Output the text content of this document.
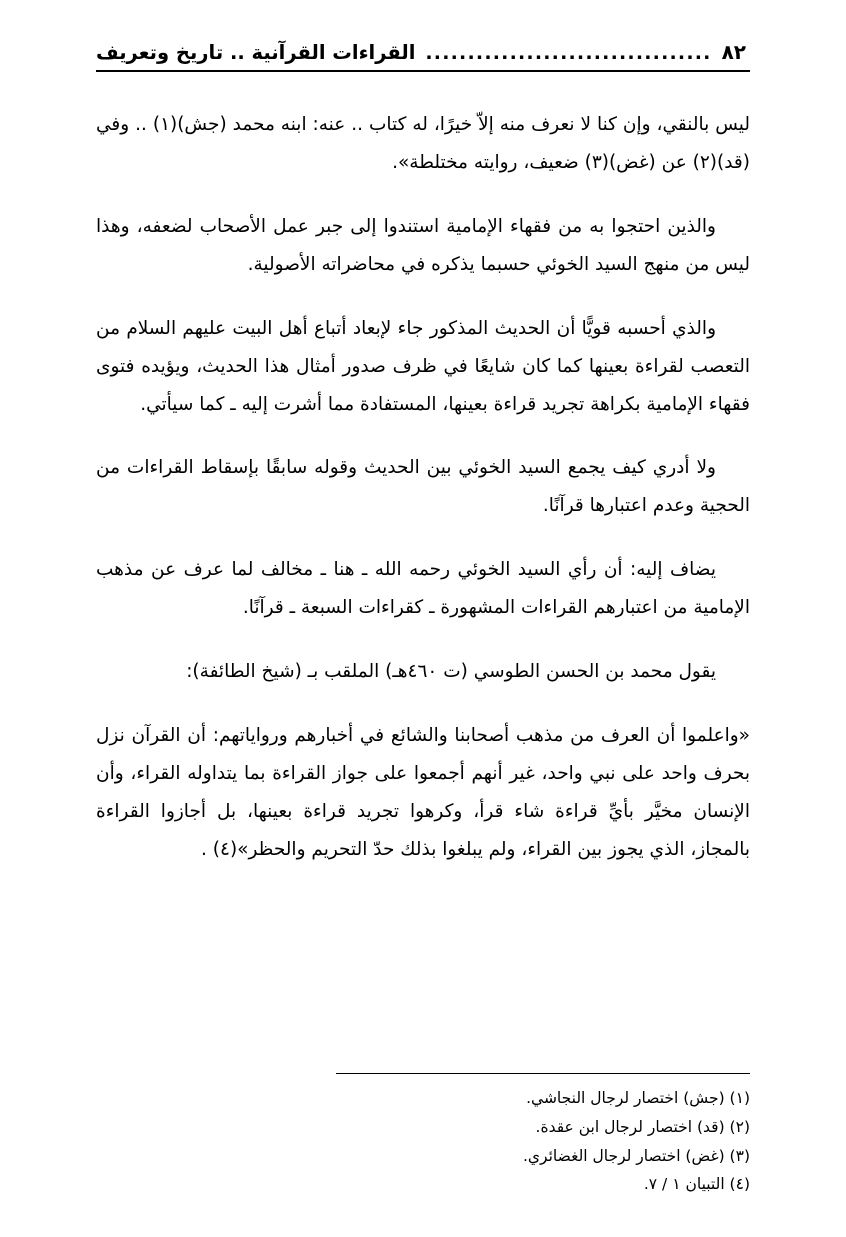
٨٢
..................................
القراءات القرآنية .. تاريخ وتعريف

ليس بالنقي، وإن كنا لا نعرف منه إلاّ خيرًا، له كتاب .. عنه: ابنه محمد (جش)(١) .. وفي (قد)(٢) عن (غض)(٣) ضعيف، روايته مختلطة».

والذين احتجوا به من فقهاء الإمامية استندوا إلى جبر عمل الأصحاب لضعفه، وهذا ليس من منهج السيد الخوئي حسبما يذكره في محاضراته الأصولية.

والذي أحسبه قويًّا أن الحديث المذكور جاء لإبعاد أتباع أهل البيت عليهم السلام من التعصب لقراءة بعينها كما كان شايعًا في ظرف صدور أمثال هذا الحديث، ويؤيده فتوى فقهاء الإمامية بكراهة تجريد قراءة بعينها، المستفادة مما أشرت إليه ـ كما سيأتي.

ولا أدري كيف يجمع السيد الخوئي بين الحديث وقوله سابقًا بإسقاط القراءات من الحجية وعدم اعتبارها قرآنًا.

يضاف إليه: أن رأي السيد الخوئي رحمه الله ـ هنا ـ مخالف لما عرف عن مذهب الإمامية من اعتبارهم القراءات المشهورة ـ كقراءات السبعة ـ قرآنًا.

يقول محمد بن الحسن الطوسي (ت ٤٦٠هـ) الملقب بـ (شيخ الطائفة):

«واعلموا أن العرف من مذهب أصحابنا والشائع في أخبارهم ورواياتهم: أن القرآن نزل بحرف واحد على نبي واحد، غير أنهم أجمعوا على جواز القراءة بما يتداوله القراء، وأن الإنسان مخيَّر بأيِّ قراءة شاء قرأ، وكرهوا تجريد قراءة بعينها، بل أجازوا القراءة بالمجاز، الذي يجوز بين القراء، ولم يبلغوا بذلك حدّ التحريم والحظر»(٤) .

(١) (جش) اختصار لرجال النجاشي.
(٢) (قد) اختصار لرجال ابن عقدة.
(٣) (غض) اختصار لرجال الغضائري.
(٤) التبيان ١ / ٧.
